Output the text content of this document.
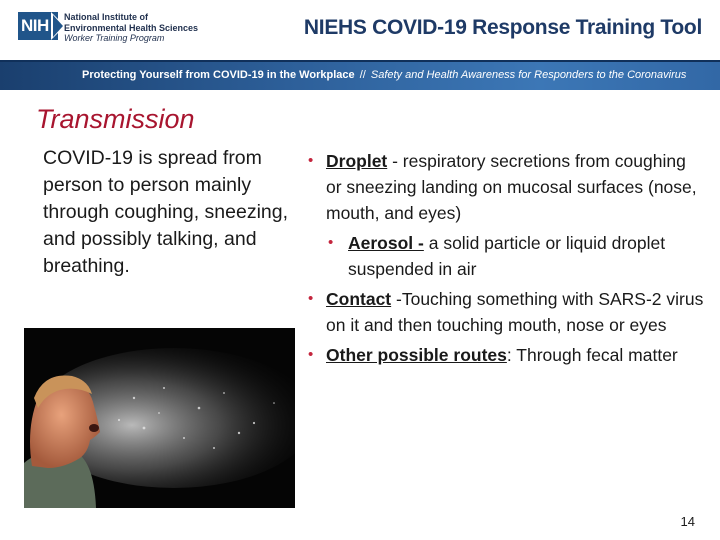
NIH	National Institute of
Environmental Health Sciences
Worker Training Program	NIEHS COVID-19 Response Training Tool
Protecting Yourself from COVID-19 in the Workplace // Safety and Health Awareness for Responders to the Coronavirus
Transmission
COVID-19 is spread from person to person mainly through coughing, sneezing, and possibly talking, and breathing.
• Droplet - respiratory secretions from coughing or sneezing landing on mucosal surfaces (nose, mouth, and eyes)
• Aerosol - a solid particle or liquid droplet suspended in air
• Contact -Touching something with SARS-2 virus on it and then touching mouth, nose or eyes
• Other possible routes: Through fecal matter
14
